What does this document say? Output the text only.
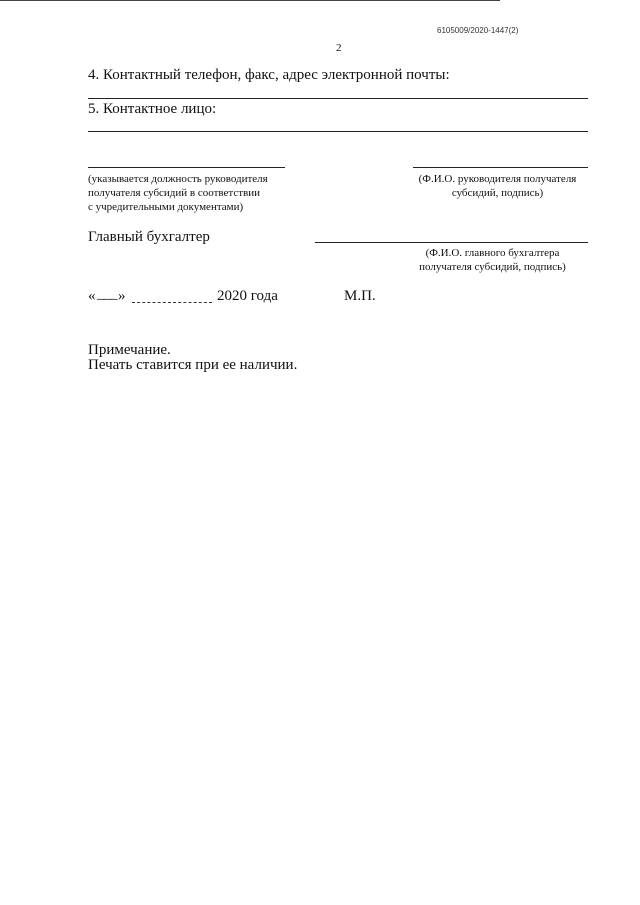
6105009/2020-1447(2)
2
4. Контактный телефон, факс, адрес электронной почты:
5. Контактное лицо:
(указывается должность руководителя
получателя субсидий в соответствии
с учредительными документами)
(Ф.И.О. руководителя получателя
субсидий, подпись)
Главный бухгалтер
(Ф.И.О. главного бухгалтера
получателя субсидий, подпись)
« ___ »	2020 года	М.П.
Примечание.
Печать ставится при ее наличии.
